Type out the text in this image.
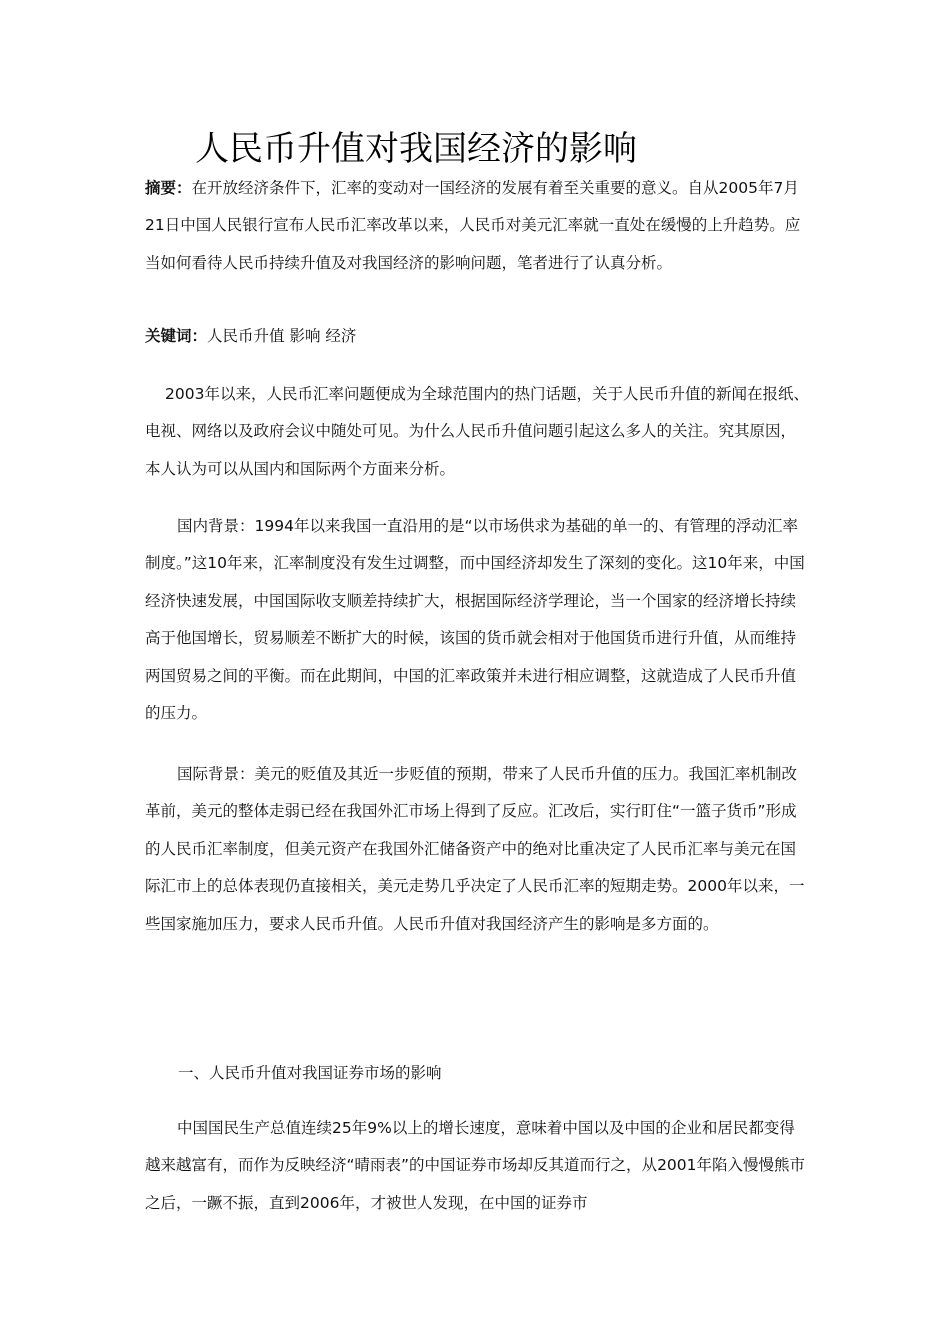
人民币升值对我国经济的影响

摘要：在开放经济条件下，汇率的变动对一国经济的发展有着至关重要的意义。自从2005年7月21日中国人民银行宣布人民币汇率改革以来，人民币对美元汇率就一直处在缓慢的上升趋势。应当如何看待人民币持续升值及对我国经济的影响问题，笔者进行了认真分析。

关键词：人民币升值 影响 经济

2003年以来，人民币汇率问题便成为全球范围内的热门话题，关于人民币升值的新闻在报纸、电视、网络以及政府会议中随处可见。为什么人民币升值问题引起这么多人的关注。究其原因，本人认为可以从国内和国际两个方面来分析。

国内背景：1994年以来我国一直沿用的是“以市场供求为基础的单一的、有管理的浮动汇率制度。”这10年来，汇率制度没有发生过调整，而中国经济却发生了深刻的变化。这10年来，中国经济快速发展，中国国际收支顺差持续扩大，根据国际经济学理论，当一个国家的经济增长持续高于他国增长，贸易顺差不断扩大的时候，该国的货币就会相对于他国货币进行升值，从而维持两国贸易之间的平衡。而在此期间，中国的汇率政策并未进行相应调整，这就造成了人民币升值的压力。

国际背景：美元的贬值及其近一步贬值的预期，带来了人民币升值的压力。我国汇率机制改革前，美元的整体走弱已经在我国外汇市场上得到了反应。汇改后，实行盯住“一篮子货币”形成的人民币汇率制度，但美元资产在我国外汇储备资产中的绝对比重决定了人民币汇率与美元在国际汇市上的总体表现仍直接相关，美元走势几乎决定了人民币汇率的短期走势。2000年以来，一些国家施加压力，要求人民币升值。人民币升值对我国经济产生的影响是多方面的。

一、人民币升值对我国证券市场的影响

中国国民生产总值连续25年9%以上的增长速度，意味着中国以及中国的企业和居民都变得越来越富有，而作为反映经济“晴雨表”的中国证券市场却反其道而行之，从2001年陷入慢慢熊市之后，一蹶不振，直到2006年，才被世人发现，在中国的证券市
